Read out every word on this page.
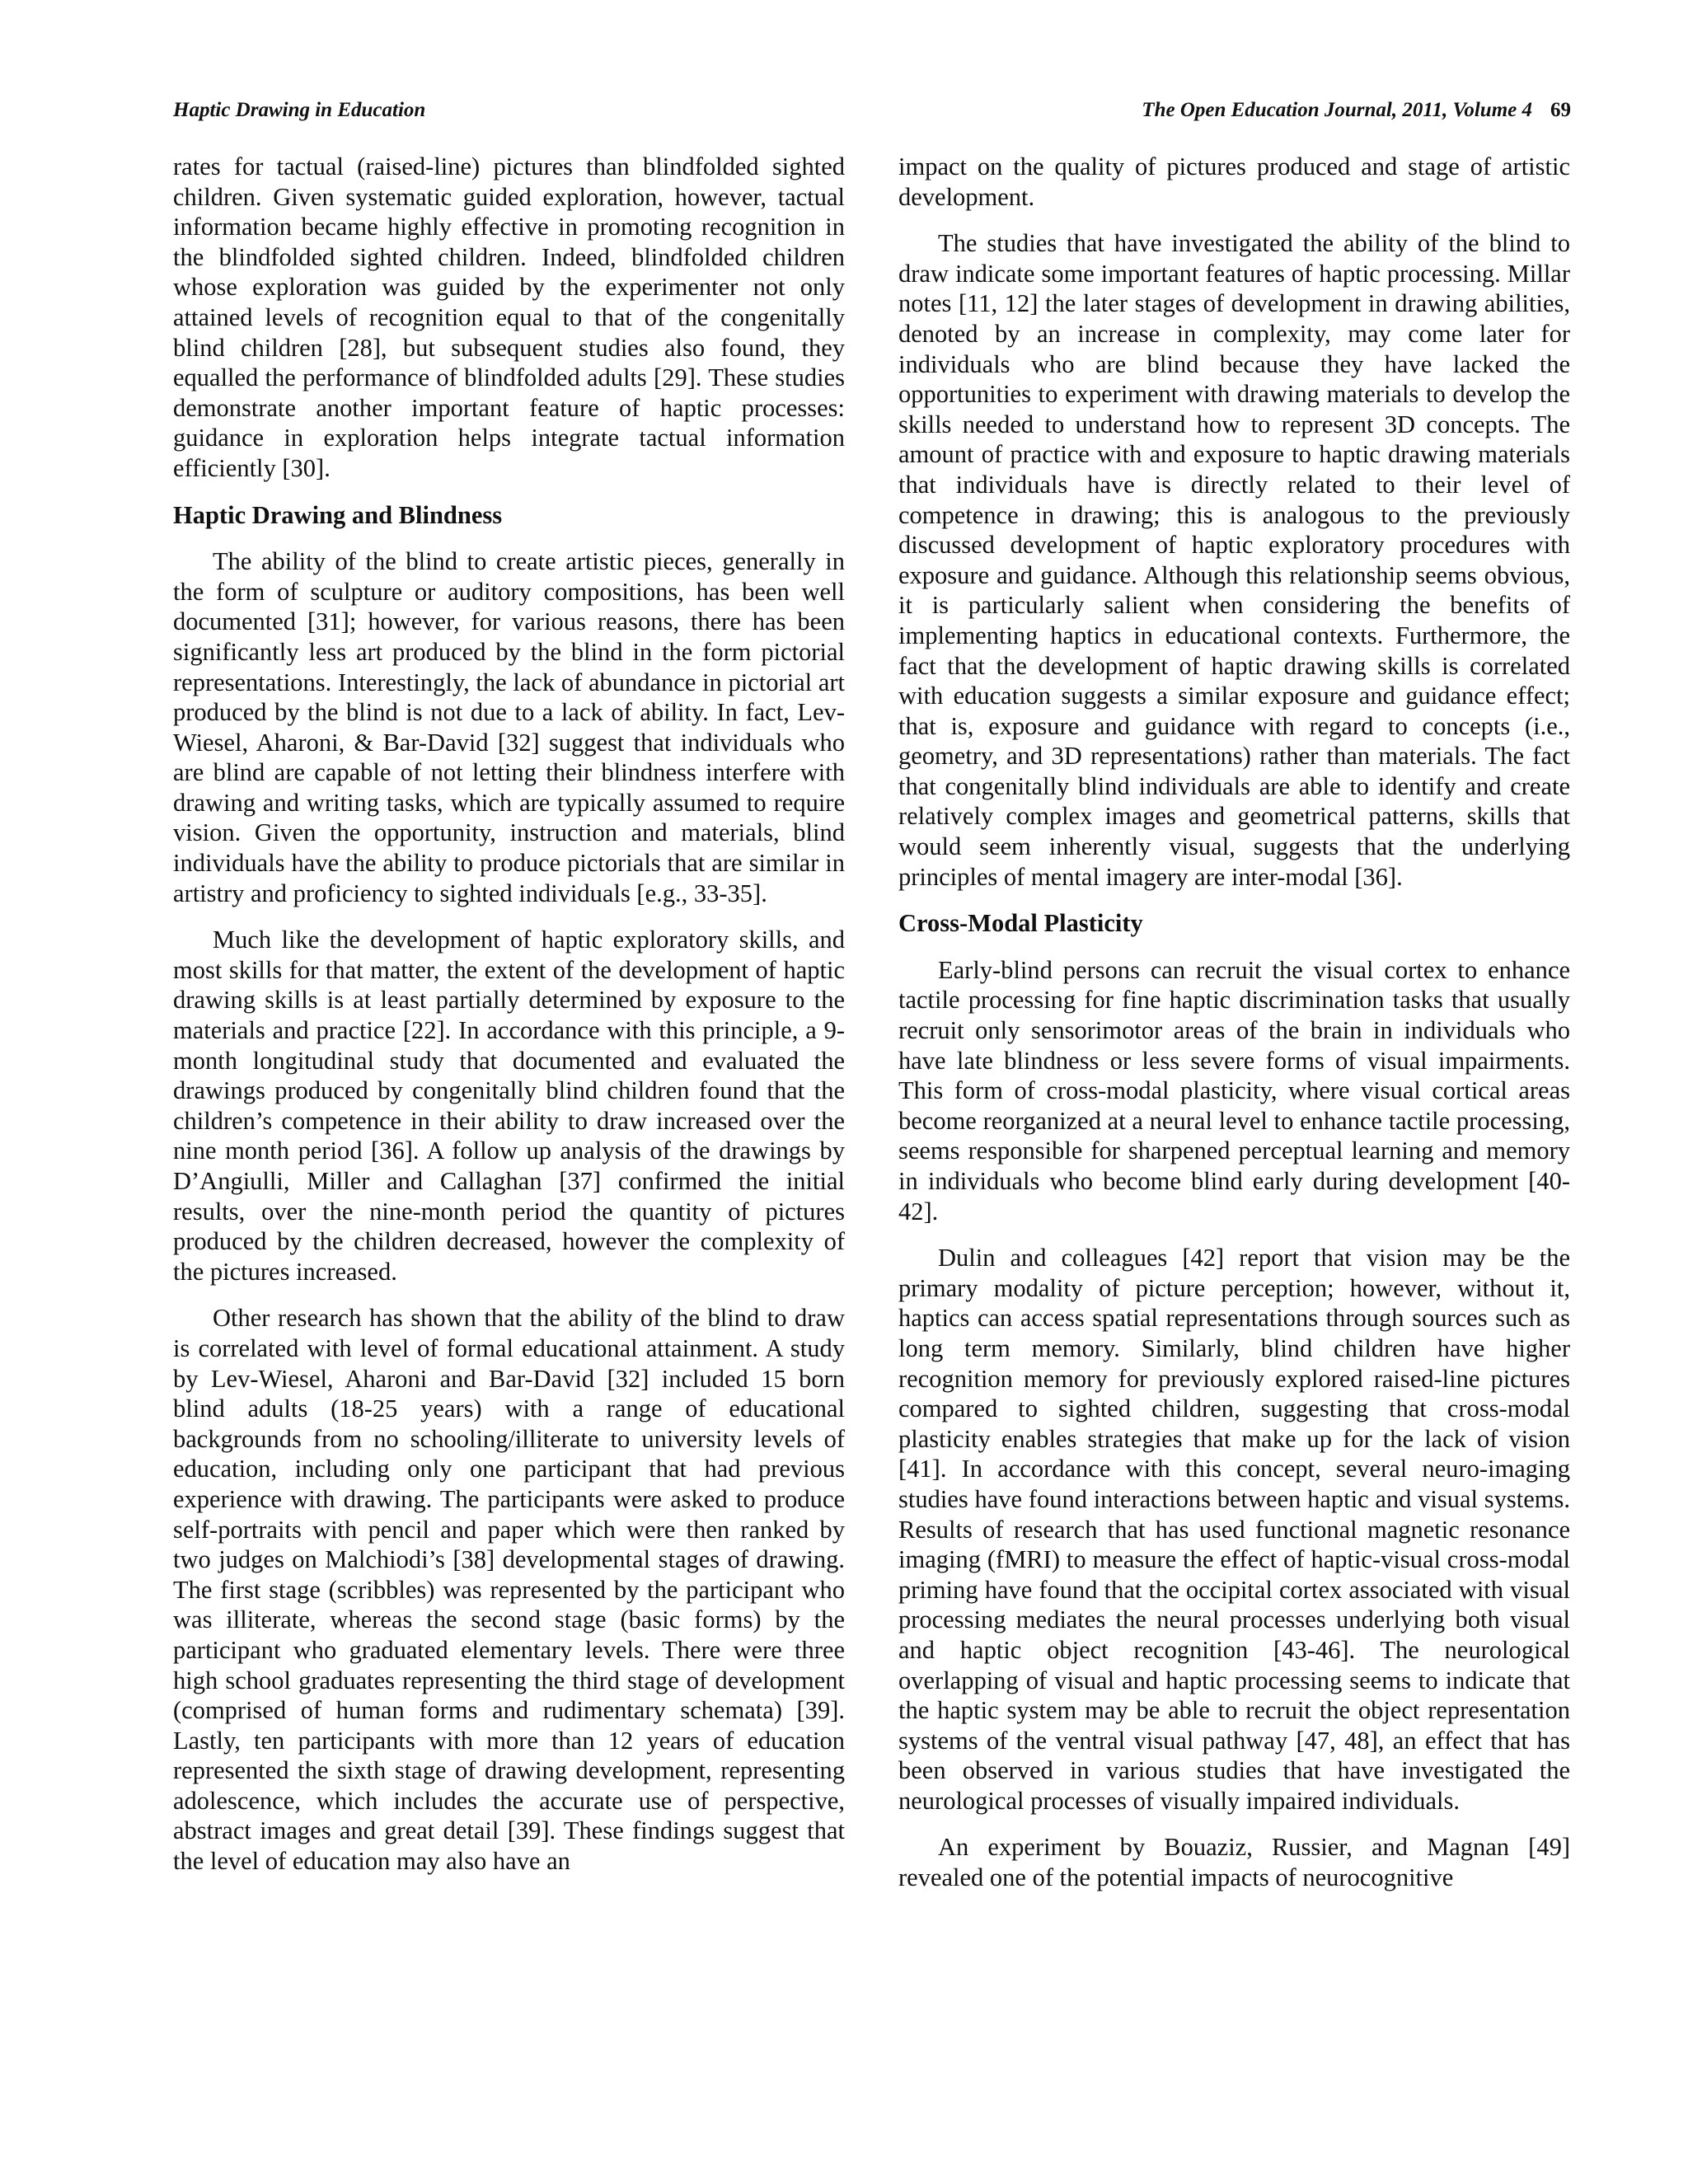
Haptic Drawing in Education	The Open Education Journal, 2011, Volume 4 69

rates for tactual (raised-line) pictures than blindfolded sighted children. Given systematic guided exploration, however, tactual information became highly effective in promoting recognition in the blindfolded sighted children. Indeed, blindfolded children whose exploration was guided by the experimenter not only attained levels of recognition equal to that of the congenitally blind children [28], but subsequent studies also found, they equalled the performance of blindfolded adults [29]. These studies demonstrate another important feature of haptic processes: guidance in exploration helps integrate tactual information efficiently [30].

Haptic Drawing and Blindness

The ability of the blind to create artistic pieces, generally in the form of sculpture or auditory compositions, has been well documented [31]; however, for various reasons, there has been significantly less art produced by the blind in the form pictorial representations. Interestingly, the lack of abundance in pictorial art produced by the blind is not due to a lack of ability. In fact, Lev-Wiesel, Aharoni, & Bar-David [32] suggest that individuals who are blind are capable of not letting their blindness interfere with drawing and writing tasks, which are typically assumed to require vision. Given the opportunity, instruction and materials, blind individuals have the ability to produce pictorials that are similar in artistry and proficiency to sighted individuals [e.g., 33-35].

Much like the development of haptic exploratory skills, and most skills for that matter, the extent of the development of haptic drawing skills is at least partially determined by exposure to the materials and practice [22]. In accordance with this principle, a 9-month longitudinal study that documented and evaluated the drawings produced by congenitally blind children found that the children’s competence in their ability to draw increased over the nine month period [36]. A follow up analysis of the drawings by D’Angiulli, Miller and Callaghan [37] confirmed the initial results, over the nine-month period the quantity of pictures produced by the children decreased, however the complexity of the pictures increased.

Other research has shown that the ability of the blind to draw is correlated with level of formal educational attainment. A study by Lev-Wiesel, Aharoni and Bar-David [32] included 15 born blind adults (18-25 years) with a range of educational backgrounds from no schooling/illiterate to university levels of education, including only one participant that had previous experience with drawing. The participants were asked to produce self-portraits with pencil and paper which were then ranked by two judges on Malchiodi’s [38] developmental stages of drawing. The first stage (scribbles) was represented by the participant who was illiterate, whereas the second stage (basic forms) by the participant who graduated elementary levels. There were three high school graduates representing the third stage of development (comprised of human forms and rudimentary schemata) [39]. Lastly, ten participants with more than 12 years of education represented the sixth stage of drawing development, representing adolescence, which includes the accurate use of perspective, abstract images and great detail [39]. These findings suggest that the level of education may also have an

impact on the quality of pictures produced and stage of artistic development.

The studies that have investigated the ability of the blind to draw indicate some important features of haptic processing. Millar notes [11, 12] the later stages of development in drawing abilities, denoted by an increase in complexity, may come later for individuals who are blind because they have lacked the opportunities to experiment with drawing materials to develop the skills needed to understand how to represent 3D concepts. The amount of practice with and exposure to haptic drawing materials that individuals have is directly related to their level of competence in drawing; this is analogous to the previously discussed development of haptic exploratory procedures with exposure and guidance. Although this relationship seems obvious, it is particularly salient when considering the benefits of implementing haptics in educational contexts. Furthermore, the fact that the development of haptic drawing skills is correlated with education suggests a similar exposure and guidance effect; that is, exposure and guidance with regard to concepts (i.e., geometry, and 3D representations) rather than materials. The fact that congenitally blind individuals are able to identify and create relatively complex images and geometrical patterns, skills that would seem inherently visual, suggests that the underlying principles of mental imagery are inter-modal [36].

Cross-Modal Plasticity

Early-blind persons can recruit the visual cortex to enhance tactile processing for fine haptic discrimination tasks that usually recruit only sensorimotor areas of the brain in individuals who have late blindness or less severe forms of visual impairments. This form of cross-modal plasticity, where visual cortical areas become reorganized at a neural level to enhance tactile processing, seems responsible for sharpened perceptual learning and memory in individuals who become blind early during development [40-42].

Dulin and colleagues [42] report that vision may be the primary modality of picture perception; however, without it, haptics can access spatial representations through sources such as long term memory. Similarly, blind children have higher recognition memory for previously explored raised-line pictures compared to sighted children, suggesting that cross-modal plasticity enables strategies that make up for the lack of vision [41]. In accordance with this concept, several neuro-imaging studies have found interactions between haptic and visual systems. Results of research that has used functional magnetic resonance imaging (fMRI) to measure the effect of haptic-visual cross-modal priming have found that the occipital cortex associated with visual processing mediates the neural processes underlying both visual and haptic object recognition [43-46]. The neurological overlapping of visual and haptic processing seems to indicate that the haptic system may be able to recruit the object representation systems of the ventral visual pathway [47, 48], an effect that has been observed in various studies that have investigated the neurological processes of visually impaired individuals.

An experiment by Bouaziz, Russier, and Magnan [49] revealed one of the potential impacts of neurocognitive
